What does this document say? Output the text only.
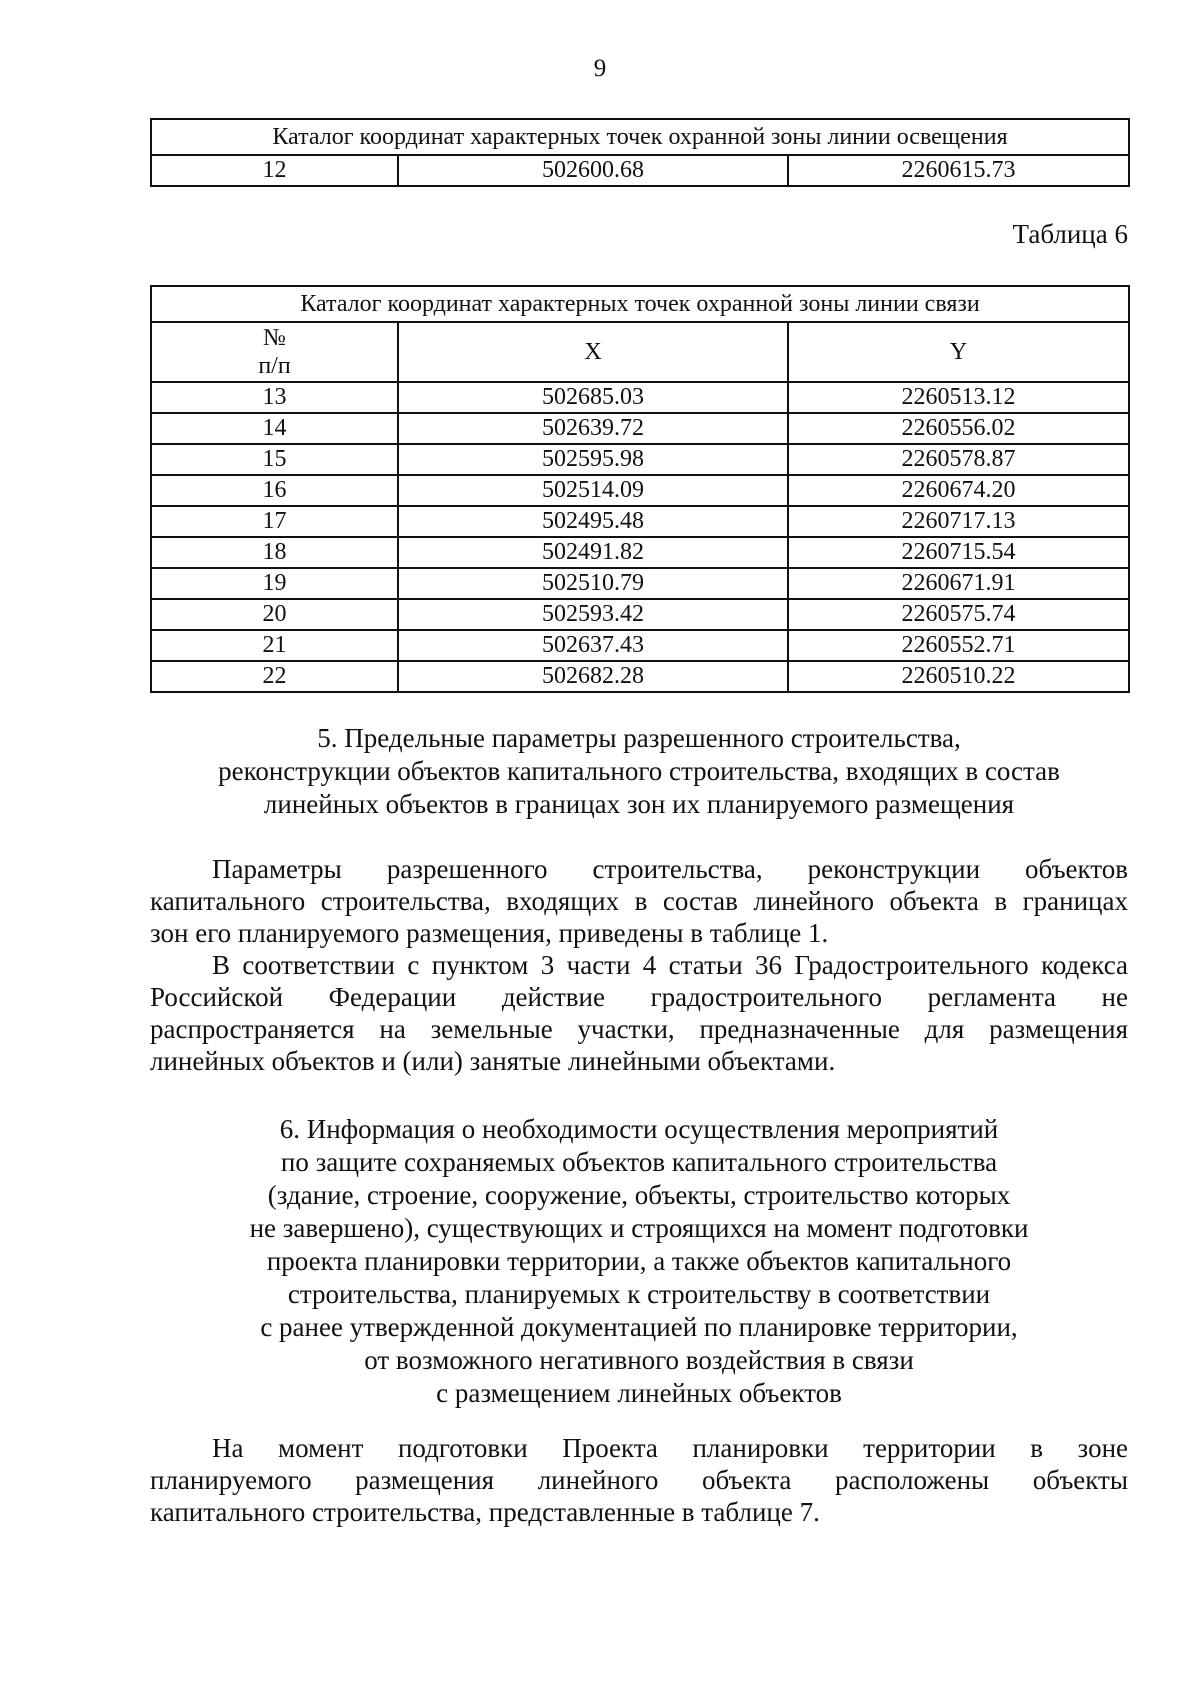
9
Каталог координат характерных точек охранной зоны линии освещения
12	502600.68	2260615.73
Таблица 6
Каталог координат характерных точек охранной зоны линии связи		
№
п/п	X	Y
13	502685.03	2260513.12
14	502639.72	2260556.02
15	502595.98	2260578.87
16	502514.09	2260674.20
17	502495.48	2260717.13
18	502491.82	2260715.54
19	502510.79	2260671.91
20	502593.42	2260575.74
21	502637.43	2260552.71
22	502682.28	2260510.22
5. Предельные параметры разрешенного строительства,
реконструкции объектов капитального строительства, входящих в состав
линейных объектов в границах зон их планируемого размещения
Параметры разрешенного строительства, реконструкции объектов
капитального строительства, входящих в состав линейного объекта в границах
зон его планируемого размещения, приведены в таблице 1.
В соответствии с пунктом 3 части 4 статьи 36 Градостроительного кодекса
Российской Федерации действие градостроительного регламента не
распространяется на земельные участки, предназначенные для размещения
линейных объектов и (или) занятые линейными объектами.
6. Информация о необходимости осуществления мероприятий
по защите сохраняемых объектов капитального строительства
(здание, строение, сооружение, объекты, строительство которых
не завершено), существующих и строящихся на момент подготовки
проекта планировки территории, а также объектов капитального
строительства, планируемых к строительству в соответствии
с ранее утвержденной документацией по планировке территории,
от возможного негативного воздействия в связи
с размещением линейных объектов
На момент подготовки Проекта планировки территории в зоне
планируемого размещения линейного объекта расположены объекты
капитального строительства, представленные в таблице 7.
